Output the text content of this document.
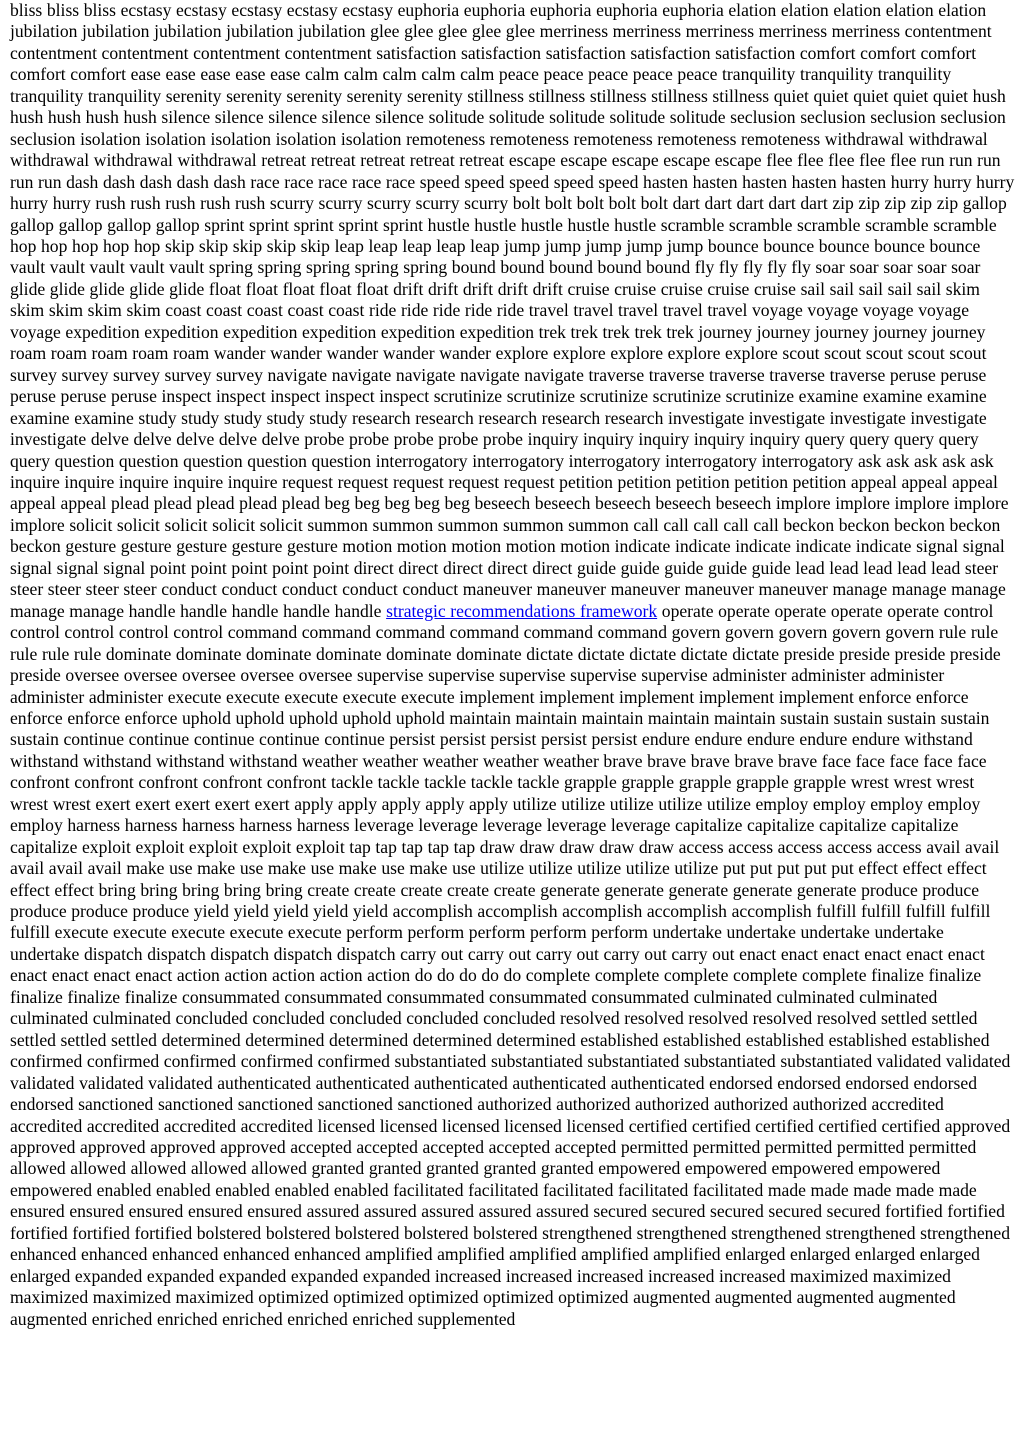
bliss bliss bliss ecstasy ecstasy ecstasy ecstasy ecstasy euphoria euphoria euphoria euphoria euphoria elation elation elation elation elation jubilation jubilation jubilation jubilation jubilation glee glee glee glee glee merriness merriness merriness merriness merriness contentment contentment contentment contentment contentment satisfaction satisfaction satisfaction satisfaction satisfaction comfort comfort comfort comfort comfort ease ease ease ease ease calm calm calm calm calm peace peace peace peace peace tranquility tranquility tranquility tranquility tranquility serenity serenity serenity serenity serenity stillness stillness stillness stillness stillness quiet quiet quiet quiet quiet hush hush hush hush hush silence silence silence silence silence solitude solitude solitude solitude solitude seclusion seclusion seclusion seclusion seclusion isolation isolation isolation isolation isolation remoteness remoteness remoteness remoteness remoteness withdrawal withdrawal withdrawal withdrawal withdrawal retreat retreat retreat retreat retreat escape escape escape escape escape flee flee flee flee flee run run run run run dash dash dash dash dash race race race race race speed speed speed speed speed hasten hasten hasten hasten hasten hurry hurry hurry hurry hurry rush rush rush rush rush scurry scurry scurry scurry scurry bolt bolt bolt bolt bolt dart dart dart dart dart zip zip zip zip zip gallop gallop gallop gallop gallop sprint sprint sprint sprint sprint hustle hustle hustle hustle hustle scramble scramble scramble scramble scramble hop hop hop hop hop skip skip skip skip skip leap leap leap leap leap jump jump jump jump jump bounce bounce bounce bounce bounce vault vault vault vault vault spring spring spring spring spring bound bound bound bound bound fly fly fly fly fly soar soar soar soar soar glide glide glide glide glide float float float float float drift drift drift drift drift cruise cruise cruise cruise cruise sail sail sail sail sail skim skim skim skim skim coast coast coast coast coast ride ride ride ride ride travel travel travel travel travel voyage voyage voyage voyage voyage expedition expedition expedition expedition expedition expedition trek trek trek trek trek journey journey journey journey journey roam roam roam roam roam wander wander wander wander wander explore explore explore explore explore scout scout scout scout scout survey survey survey survey survey navigate navigate navigate navigate navigate traverse traverse traverse traverse traverse peruse peruse peruse peruse peruse inspect inspect inspect inspect inspect scrutinize scrutinize scrutinize scrutinize scrutinize examine examine examine examine examine study study study study study research research research research research investigate investigate investigate investigate investigate delve delve delve delve delve probe probe probe probe probe inquiry inquiry inquiry inquiry inquiry query query query query query question question question question question interrogatory interrogatory interrogatory interrogatory interrogatory ask ask ask ask ask inquire inquire inquire inquire inquire request request request request request petition petition petition petition petition appeal appeal appeal appeal appeal plead plead plead plead plead beg beg beg beg beg beseech beseech beseech beseech beseech implore implore implore implore implore solicit solicit solicit solicit solicit summon summon summon summon summon call call call call call beckon beckon beckon beckon beckon gesture gesture gesture gesture gesture motion motion motion motion motion indicate indicate indicate indicate indicate signal signal signal signal signal point point point point point direct direct direct direct direct guide guide guide guide guide lead lead lead lead lead steer steer steer steer steer conduct conduct conduct conduct conduct maneuver maneuver maneuver maneuver maneuver manage manage manage manage manage handle handle handle handle handle strategic recommendations framework operate operate operate operate operate control control control control control command command command command command command govern govern govern govern govern rule rule rule rule rule dominate dominate dominate dominate dominate dominate dictate dictate dictate dictate dictate preside preside preside preside preside oversee oversee oversee oversee oversee supervise supervise supervise supervise supervise administer administer administer administer administer execute execute execute execute execute implement implement implement implement implement enforce enforce enforce enforce enforce uphold uphold uphold uphold uphold maintain maintain maintain maintain maintain sustain sustain sustain sustain sustain continue continue continue continue continue persist persist persist persist persist endure endure endure endure endure withstand withstand withstand withstand withstand weather weather weather weather weather brave brave brave brave brave face face face face face confront confront confront confront confront tackle tackle tackle tackle tackle grapple grapple grapple grapple grapple wrest wrest wrest wrest wrest exert exert exert exert exert apply apply apply apply apply utilize utilize utilize utilize utilize employ employ employ employ employ harness harness harness harness harness leverage leverage leverage leverage leverage capitalize capitalize capitalize capitalize capitalize exploit exploit exploit exploit exploit tap tap tap tap tap draw draw draw draw draw access access access access access avail avail avail avail avail make use make use make use make use make use utilize utilize utilize utilize utilize put put put put put effect effect effect effect effect bring bring bring bring bring create create create create create generate generate generate generate generate produce produce produce produce produce yield yield yield yield yield accomplish accomplish accomplish accomplish accomplish fulfill fulfill fulfill fulfill fulfill execute execute execute execute execute perform perform perform perform perform undertake undertake undertake undertake undertake dispatch dispatch dispatch dispatch dispatch carry out carry out carry out carry out carry out enact enact enact enact enact enact enact enact enact enact action action action action action do do do do do complete complete complete complete complete finalize finalize finalize finalize finalize consummated consummated consummated consummated consummated culminated culminated culminated culminated culminated concluded concluded concluded concluded concluded resolved resolved resolved resolved resolved settled settled settled settled settled determined determined determined determined determined established established established established established confirmed confirmed confirmed confirmed confirmed substantiated substantiated substantiated substantiated substantiated validated validated validated validated validated authenticated authenticated authenticated authenticated authenticated endorsed endorsed endorsed endorsed endorsed sanctioned sanctioned sanctioned sanctioned sanctioned authorized authorized authorized authorized authorized accredited accredited accredited accredited accredited licensed licensed licensed licensed licensed certified certified certified certified certified approved approved approved approved approved accepted accepted accepted accepted accepted permitted permitted permitted permitted permitted allowed allowed allowed allowed allowed granted granted granted granted granted empowered empowered empowered empowered empowered enabled enabled enabled enabled enabled facilitated facilitated facilitated facilitated facilitated made made made made made ensured ensured ensured ensured ensured assured assured assured assured assured secured secured secured secured secured fortified fortified fortified fortified fortified bolstered bolstered bolstered bolstered bolstered strengthened strengthened strengthened strengthened strengthened enhanced enhanced enhanced enhanced enhanced amplified amplified amplified amplified amplified enlarged enlarged enlarged enlarged enlarged expanded expanded expanded expanded expanded increased increased increased increased increased maximized maximized maximized maximized maximized optimized optimized optimized optimized optimized augmented augmented augmented augmented augmented enriched enriched enriched enriched enriched supplemented
